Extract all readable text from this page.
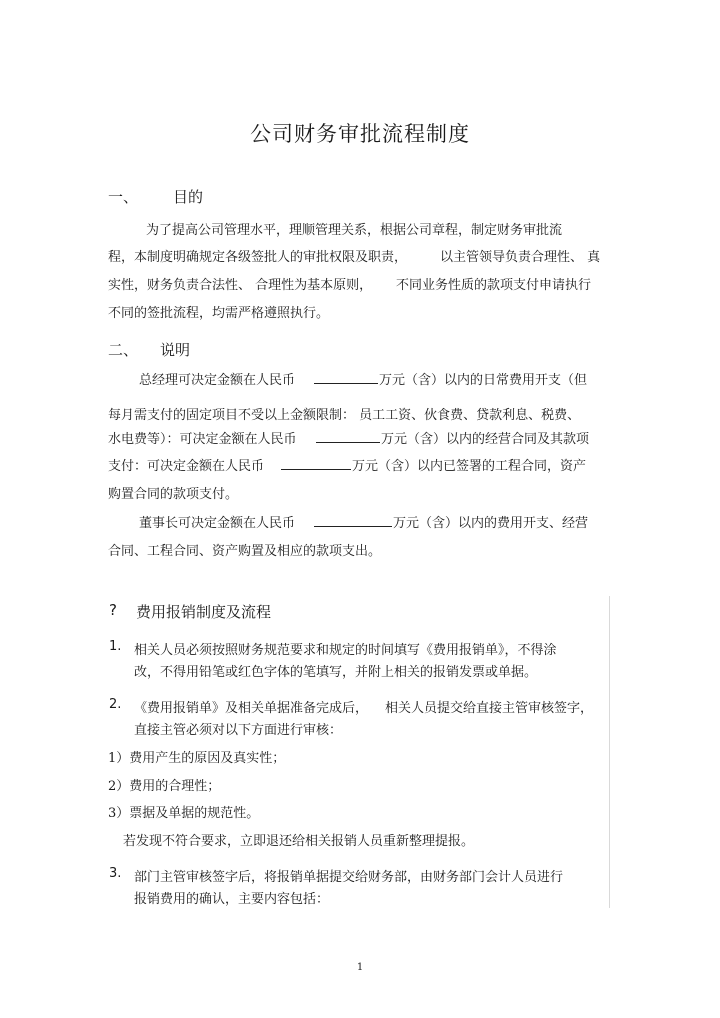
公司财务审批流程制度
一、 目的
为了提高公司管理水平，理顺管理关系，根据公司章程，制定财务审批流
程，本制度明确规定各级签批人的审批权限及职责，	以主管领导负责合理性、 真
实性，财务负责合法性、 合理性为基本原则， 不同业务性质的款项支付申请执行
不同的签批流程，均需严格遵照执行。
二、 说明
总经理可决定金额在人民币	万元（含）以内的日常费用开支（但
每月需支付的固定项目不受以上金额限制： 员工工资、伙食费、贷款利息、税费、
水电费等）：可决定金额在人民币	万元（含）以内的经营合同及其款项
支付：可决定金额在人民币	万元（含）以内已签署的工程合同，资产
购置合同的款项支付。
董事长可决定金额在人民币	万元（含）以内的费用开支、经营
合同、工程合同、资产购置及相应的款项支出。
? 费用报销制度及流程
1. 相关人员必须按照财务规范要求和规定的时间填写《费用报销单》，不得涂
改，不得用铅笔或红色字体的笔填写，并附上相关的报销发票或单据。
2. 《费用报销单》及相关单据准备完成后， 相关人员提交给直接主管审核签字，
直接主管必须对以下方面进行审核：
1）费用产生的原因及真实性；
2）费用的合理性；
3）票据及单据的规范性。
若发现不符合要求，立即退还给相关报销人员重新整理提报。
3. 部门主管审核签字后，将报销单据提交给财务部，由财务部门会计人员进行
报销费用的确认，主要内容包括：
1
